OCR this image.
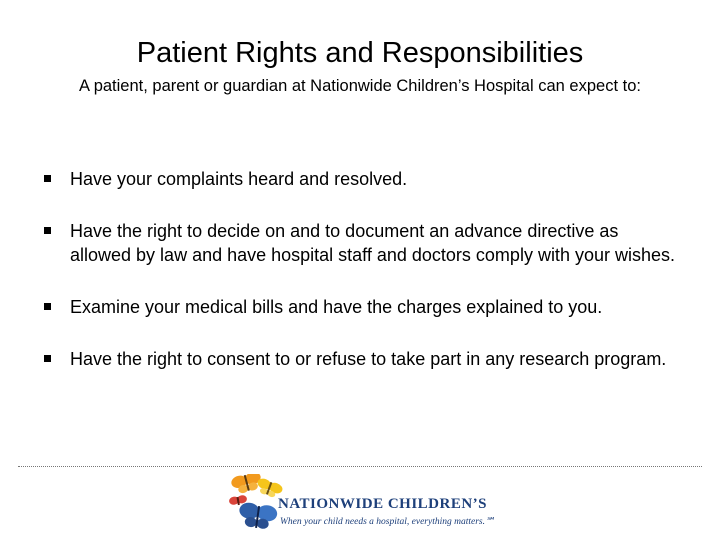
Patient Rights and Responsibilities
A patient, parent or guardian at Nationwide Children’s Hospital can expect to:
Have your complaints heard and resolved.
Have the right to decide on and to document an advance directive as allowed by law and have hospital staff and doctors comply with your wishes.
Examine your medical bills and have the charges explained to you.
Have the right to consent to or refuse to take part in any research program.
NATIONWIDE CHILDREN’S
When your child needs a hospital, everything matters.℠
